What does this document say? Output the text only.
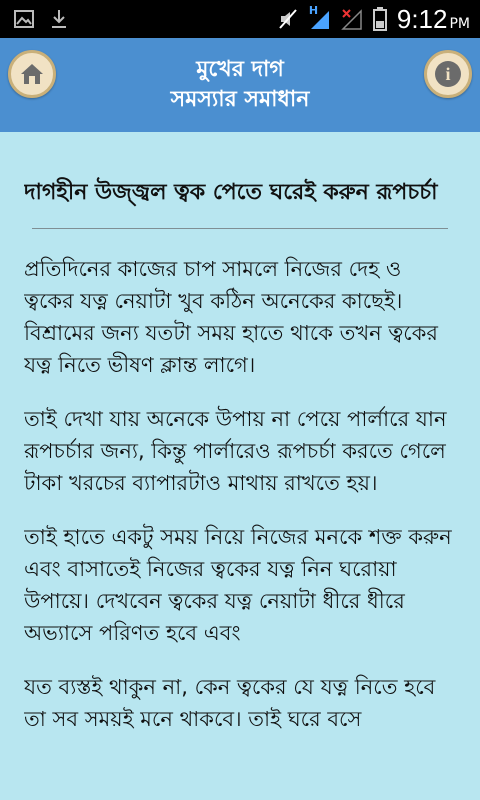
H	9:12 PM
মুখের দাগ
সমস্যার সমাধান
i
দাগহীন উজ্জ্বল ত্বক পেতে ঘরেই করুন রূপচর্চা

প্রতিদিনের কাজের চাপ সামলে নিজের দেহ ও ত্বকের যত্ন নেয়াটা খুব কঠিন অনেকের কাছেই। বিশ্রামের জন্য যতটা সময় হাতে থাকে তখন ত্বকের যত্ন নিতে ভীষণ ক্লান্ত লাগে।

তাই দেখা যায় অনেকে উপায় না পেয়ে পার্লারে যান রূপচর্চার জন্য, কিন্তু পার্লারেও রূপচর্চা করতে গেলে টাকা খরচের ব্যাপারটাও মাথায় রাখতে হয়।

তাই হাতে একটু সময় নিয়ে নিজের মনকে শক্ত করুন এবং বাসাতেই নিজের ত্বকের যত্ন নিন ঘরোয়া উপায়ে। দেখবেন ত্বকের যত্ন নেয়াটা ধীরে ধীরে অভ্যাসে পরিণত হবে এবং

যত ব্যস্তই থাকুন না, কেন ত্বকের যে যত্ন নিতে হবে তা সব সময়ই মনে থাকবে। তাই ঘরে বসে
